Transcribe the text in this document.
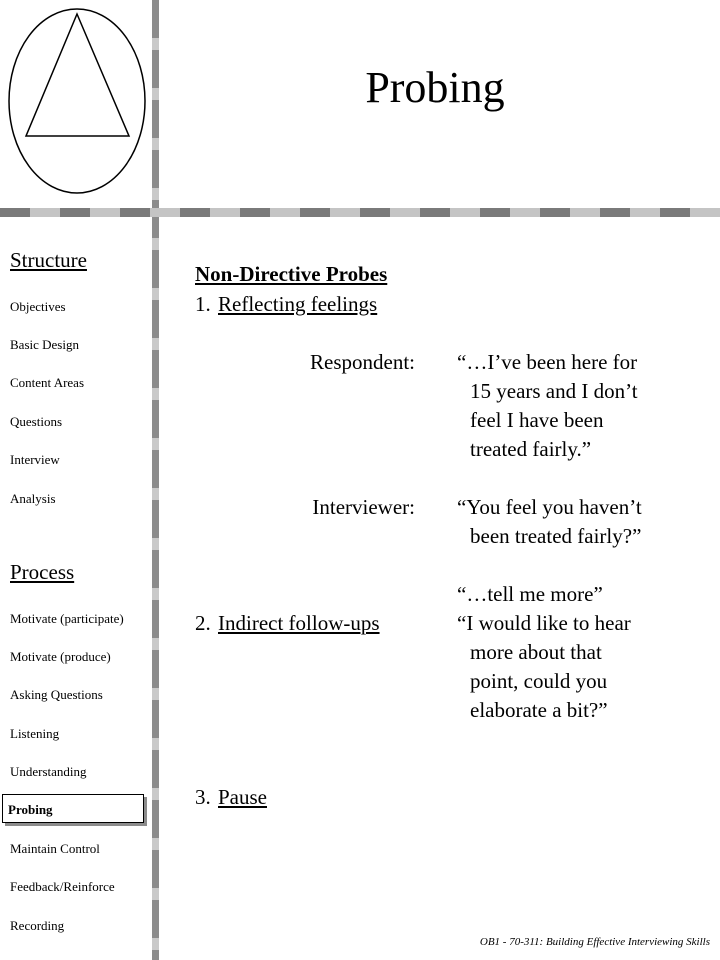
Probing
Structure
Objectives
Basic Design
Content Areas
Questions
Interview
Analysis
Process
Motivate (participate)
Motivate (produce)
Asking Questions
Listening
Understanding
Probing
Maintain Control
Feedback/Reinforce
Recording
Non-Directive Probes
1. Reflecting feelings
Respondent: “…I’ve been here for
15 years and I don’t
feel I have been
treated fairly.”
Interviewer: “You feel you haven’t
been treated fairly?”
“…tell me more”
2. Indirect follow-ups	“I would like to hear
more about that
point, could you
elaborate a bit?”
3. Pause
OB1 - 70-311: Building Effective Interviewing Skills
